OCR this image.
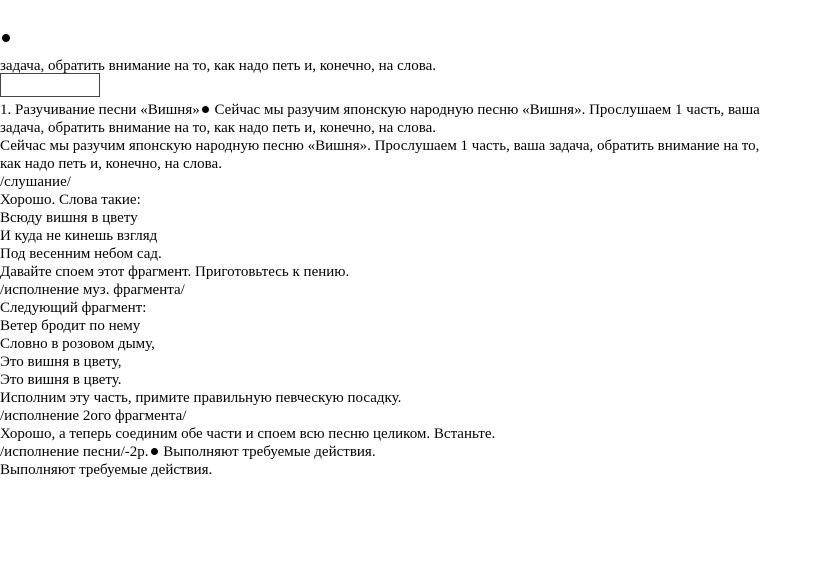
задача, обратить внимание на то, как надо петь и, конечно, на слова.
1. Разучивание песни «Вишня» Сейчас мы разучим японскую народную песню «Вишня». Прослушаем 1 часть, ваша
задача, обратить внимание на то, как надо петь и, конечно, на слова.
Сейчас мы разучим японскую народную песню «Вишня». Прослушаем 1 часть, ваша задача, обратить внимание на то,
как надо петь и, конечно, на слова.
/слушание/
Хорошо. Слова такие:
Всюду вишня в цвету
И куда не кинешь взгляд
Под весенним небом сад.
Давайте споем этот фрагмент. Приготовьтесь к пению.
/исполнение муз. фрагмента/
Следующий фрагмент:
Ветер бродит по нему
Словно в розовом дыму,
Это вишня в цвету,
Это вишня в цвету.
Исполним эту часть, примите правильную певческую посадку.
/исполнение 2ого фрагмента/
Хорошо, а теперь соединим обе части и споем всю песню целиком. Встаньте.
/исполнение песни/-2р. Выполняют требуемые действия.
Выполняют требуемые действия.
